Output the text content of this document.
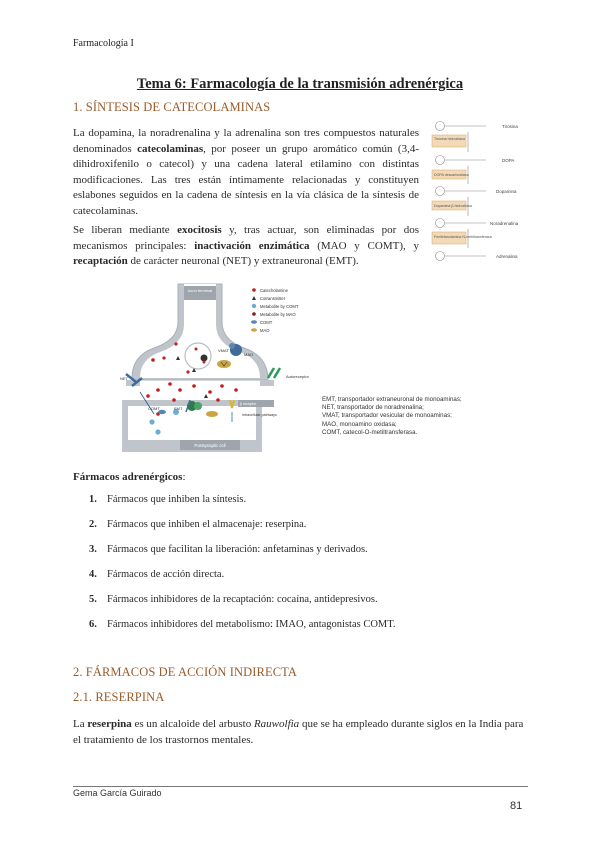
Farmacología I
Tema 6: Farmacología de la transmisión adrenérgica
1. SÍNTESIS DE CATECOLAMINAS
La dopamina, la noradrenalina y la adrenalina son tres compuestos naturales denominados catecolaminas, por poseer un grupo aromático común (3,4-dihidroxifenilo o catecol) y una cadena lateral etilamino con distintas modificaciones. Las tres están íntimamente relacionadas y constituyen eslabones seguidos en la cadena de síntesis en la vía clásica de la síntesis de catecolaminas.
Se liberan mediante exocitosis y, tras actuar, son eliminadas por dos mecanismos principales: inactivación enzimática (MAO y COMT), y recaptación de carácter neuronal (NET) y extraneuronal (EMT).
Tirosina hidroxilasa
DOPA descarboxilasa
Dopamina β-hidroxilasa
Feniletanolamina N-metiltransferasa
Tirosina
DOPA
Dopamina
Noradrenalina
Adrenalina
Axon terminal
Postsynaptic cell
VMAT
MAO
NET	Autoreceptor
COMT	EMT
β receptor
Intracellular pathways
Catecholamine
Cotransmitter
Metabolite by COMT
Metabolite by MAO
COMT
MAO
EMT, transportador extraneuronal de monoaminas;
NET, transportador de noradrenalina;
VMAT, transportador vesicular de monoaminas;
MAO, monoamino oxidasa;
COMT, catecol-O-metiltransferasa.
Fármacos adrenérgicos:
1. Fármacos que inhiben la síntesis.
2. Fármacos que inhiben el almacenaje: reserpina.
3. Fármacos que facilitan la liberación: anfetaminas y derivados.
4. Fármacos de acción directa.
5. Fármacos inhibidores de la recaptación: cocaína, antidepresivos.
6. Fármacos inhibidores del metabolismo: IMAO, antagonistas COMT.
2. FÁRMACOS DE ACCIÓN INDIRECTA
2.1. RESERPINA
La reserpina es un alcaloide del arbusto Rauwolfia que se ha empleado durante siglos en la India para el tratamiento de los trastornos mentales.
Gema García Guirado
81
